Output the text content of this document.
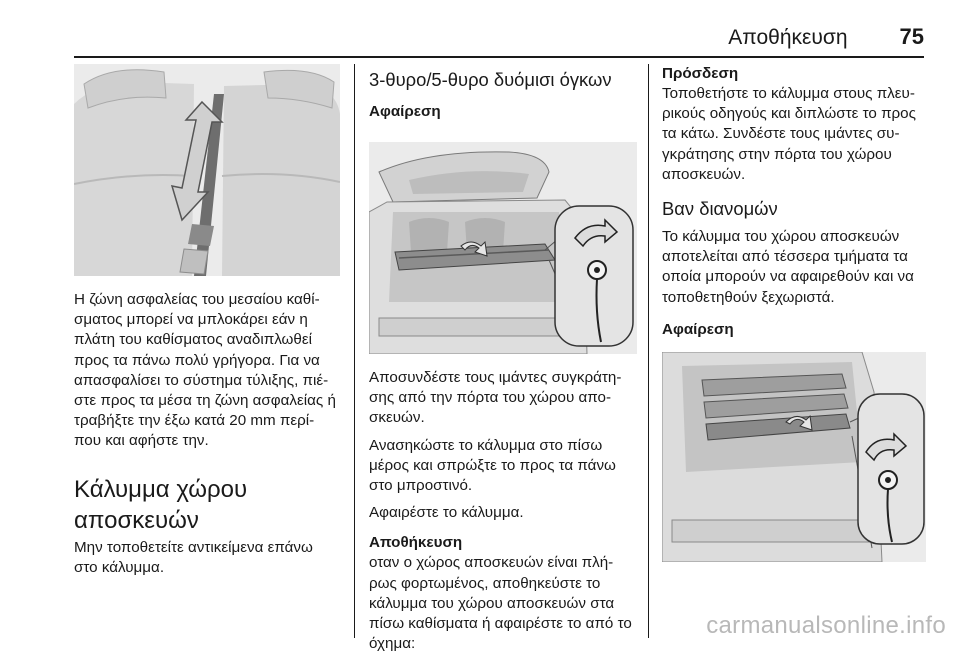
Αποθήκευση 75

Η ζώνη ασφαλείας του μεσαίου καθί‐ σματος μπορεί να μπλοκάρει εάν η πλάτη του καθίσματος αναδιπλωθεί προς τα πάνω πολύ γρήγορα. Για να απασφαλίσει το σύστημα τύλιξης, πιέ‐ στε προς τα μέσα τη ζώνη ασφαλείας ή τραβήξτε την έξω κατά 20 mm περί‐ που και αφήστε την.

Κάλυμμα χώρου αποσκευών

Μην τοποθετείτε αντικείμενα επάνω στο κάλυμμα.

3-θυρο/5-θυρο δυόμισι όγκων
Αφαίρεση

Αποσυνδέστε τους ιμάντες συγκράτη‐ σης από την πόρτα του χώρου απο‐ σκευών.

Ανασηκώστε το κάλυμμα στο πίσω μέρος και σπρώξτε το προς τα πάνω στο μπροστινό.

Αφαιρέστε το κάλυμμα.

Αποθήκευση

οταν ο χώρος αποσκευών είναι πλή‐ ρως φορτωμένος, αποθηκεύστε το κάλυμμα του χώρου αποσκευών στα πίσω καθίσματα ή αφαιρέστε το από το όχημα:

Πρόσδεση

Τοποθετήστε το κάλυμμα στους πλευ‐ ρικούς οδηγούς και διπλώστε το προς τα κάτω. Συνδέστε τους ιμάντες συ‐ γκράτησης στην πόρτα του χώρου αποσκευών.

Βαν διανομών

Το κάλυμμα του χώρου αποσκευών αποτελείται από τέσσερα τμήματα τα οποία μπορούν να αφαιρεθούν και να τοποθετηθούν ξεχωριστά.

Αφαίρεση
carmanualsonline.info
